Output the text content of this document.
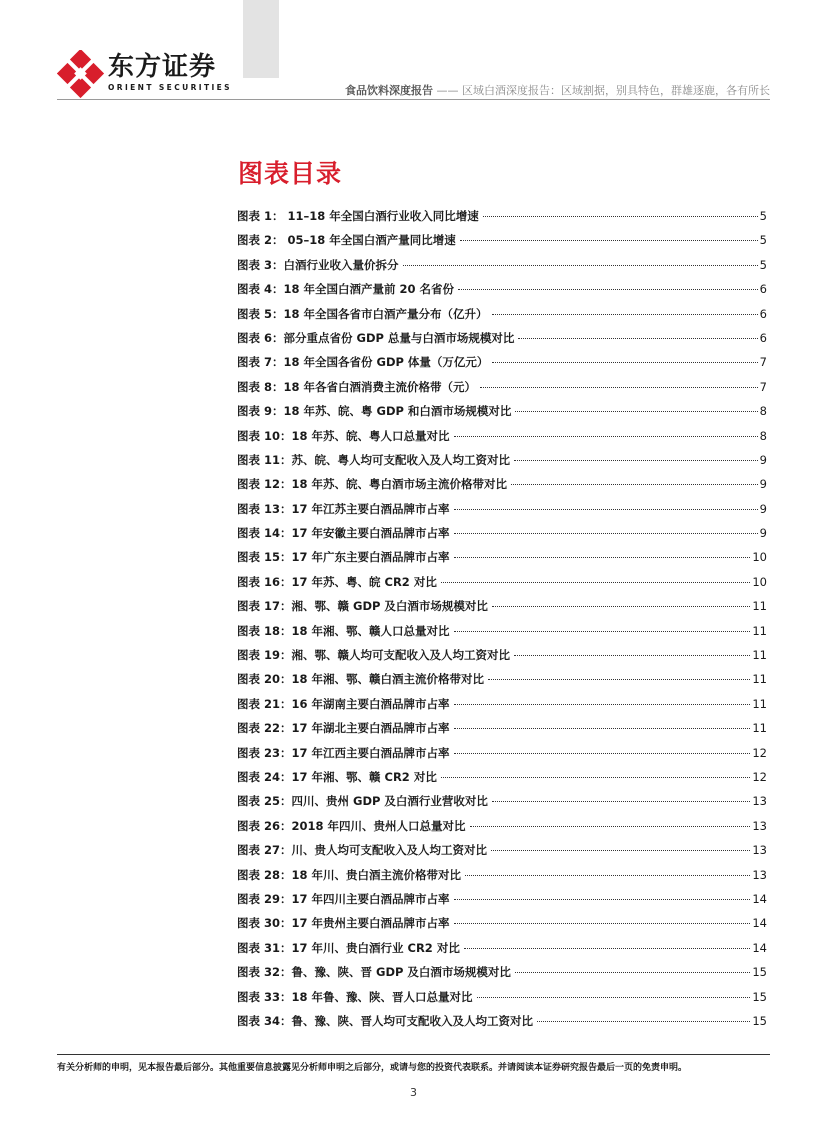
东方证券
ORIENT SECURITIES	食品饮料深度报告 —— 区域白酒深度报告：区域割据，别具特色，群雄逐鹿，各有所长
图表目录
图表 1： 11–18 年全国白酒行业收入同比增速	5
图表 2： 05–18 年全国白酒产量同比增速	5
图表 3：白酒行业收入量价拆分	5
图表 4：18 年全国白酒产量前 20 名省份	6
图表 5：18 年全国各省市白酒产量分布（亿升）	6
图表 6：部分重点省份 GDP 总量与白酒市场规模对比	6
图表 7：18 年全国各省份 GDP 体量（万亿元）	7
图表 8：18 年各省白酒消费主流价格带（元）	7
图表 9：18 年苏、皖、粤 GDP 和白酒市场规模对比	8
图表 10：18 年苏、皖、粤人口总量对比	8
图表 11：苏、皖、粤人均可支配收入及人均工资对比	9
图表 12：18 年苏、皖、粤白酒市场主流价格带对比	9
图表 13：17 年江苏主要白酒品牌市占率	9
图表 14：17 年安徽主要白酒品牌市占率	9
图表 15：17 年广东主要白酒品牌市占率	10
图表 16：17 年苏、粤、皖 CR2 对比	10
图表 17：湘、鄂、赣 GDP 及白酒市场规模对比	11
图表 18：18 年湘、鄂、赣人口总量对比	11
图表 19：湘、鄂、赣人均可支配收入及人均工资对比	11
图表 20：18 年湘、鄂、赣白酒主流价格带对比	11
图表 21：16 年湖南主要白酒品牌市占率	11
图表 22：17 年湖北主要白酒品牌市占率	11
图表 23：17 年江西主要白酒品牌市占率	12
图表 24：17 年湘、鄂、赣 CR2 对比	12
图表 25：四川、贵州 GDP 及白酒行业营收对比	13
图表 26：2018 年四川、贵州人口总量对比	13
图表 27：川、贵人均可支配收入及人均工资对比	13
图表 28：18 年川、贵白酒主流价格带对比	13
图表 29：17 年四川主要白酒品牌市占率	14
图表 30：17 年贵州主要白酒品牌市占率	14
图表 31：17 年川、贵白酒行业 CR2 对比	14
图表 32：鲁、豫、陕、晋 GDP 及白酒市场规模对比	15
图表 33：18 年鲁、豫、陕、晋人口总量对比	15
图表 34：鲁、豫、陕、晋人均可支配收入及人均工资对比	15
有关分析师的申明，见本报告最后部分。其他重要信息披露见分析师申明之后部分，或请与您的投资代表联系。并请阅读本证券研究报告最后一页的免责申明。
3
